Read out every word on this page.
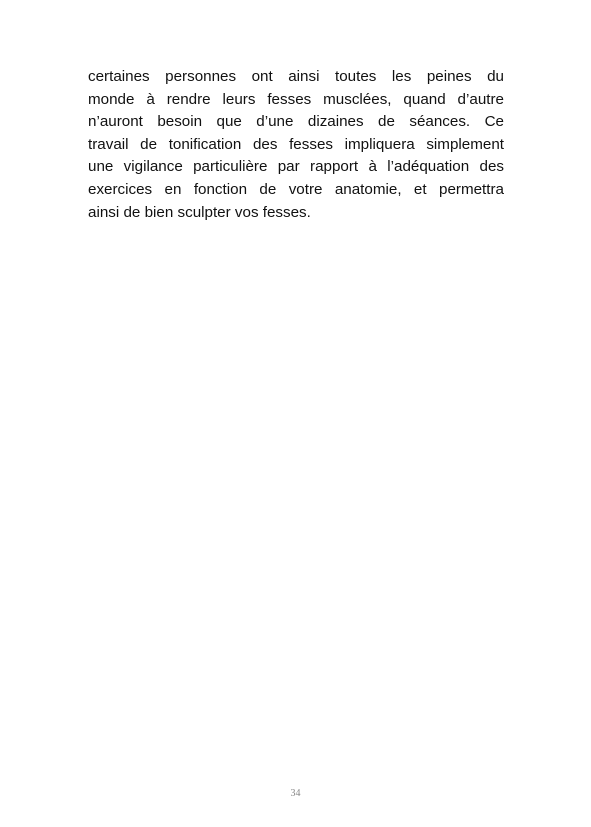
certaines personnes ont ainsi toutes les peines du
monde à rendre leurs fesses musclées, quand d’autre
n’auront besoin que d’une dizaines de séances. Ce
travail de tonification des fesses impliquera simplement
une vigilance particulière par rapport à l’adéquation des
exercices en fonction de votre anatomie, et permettra
ainsi de bien sculpter vos fesses.
34
